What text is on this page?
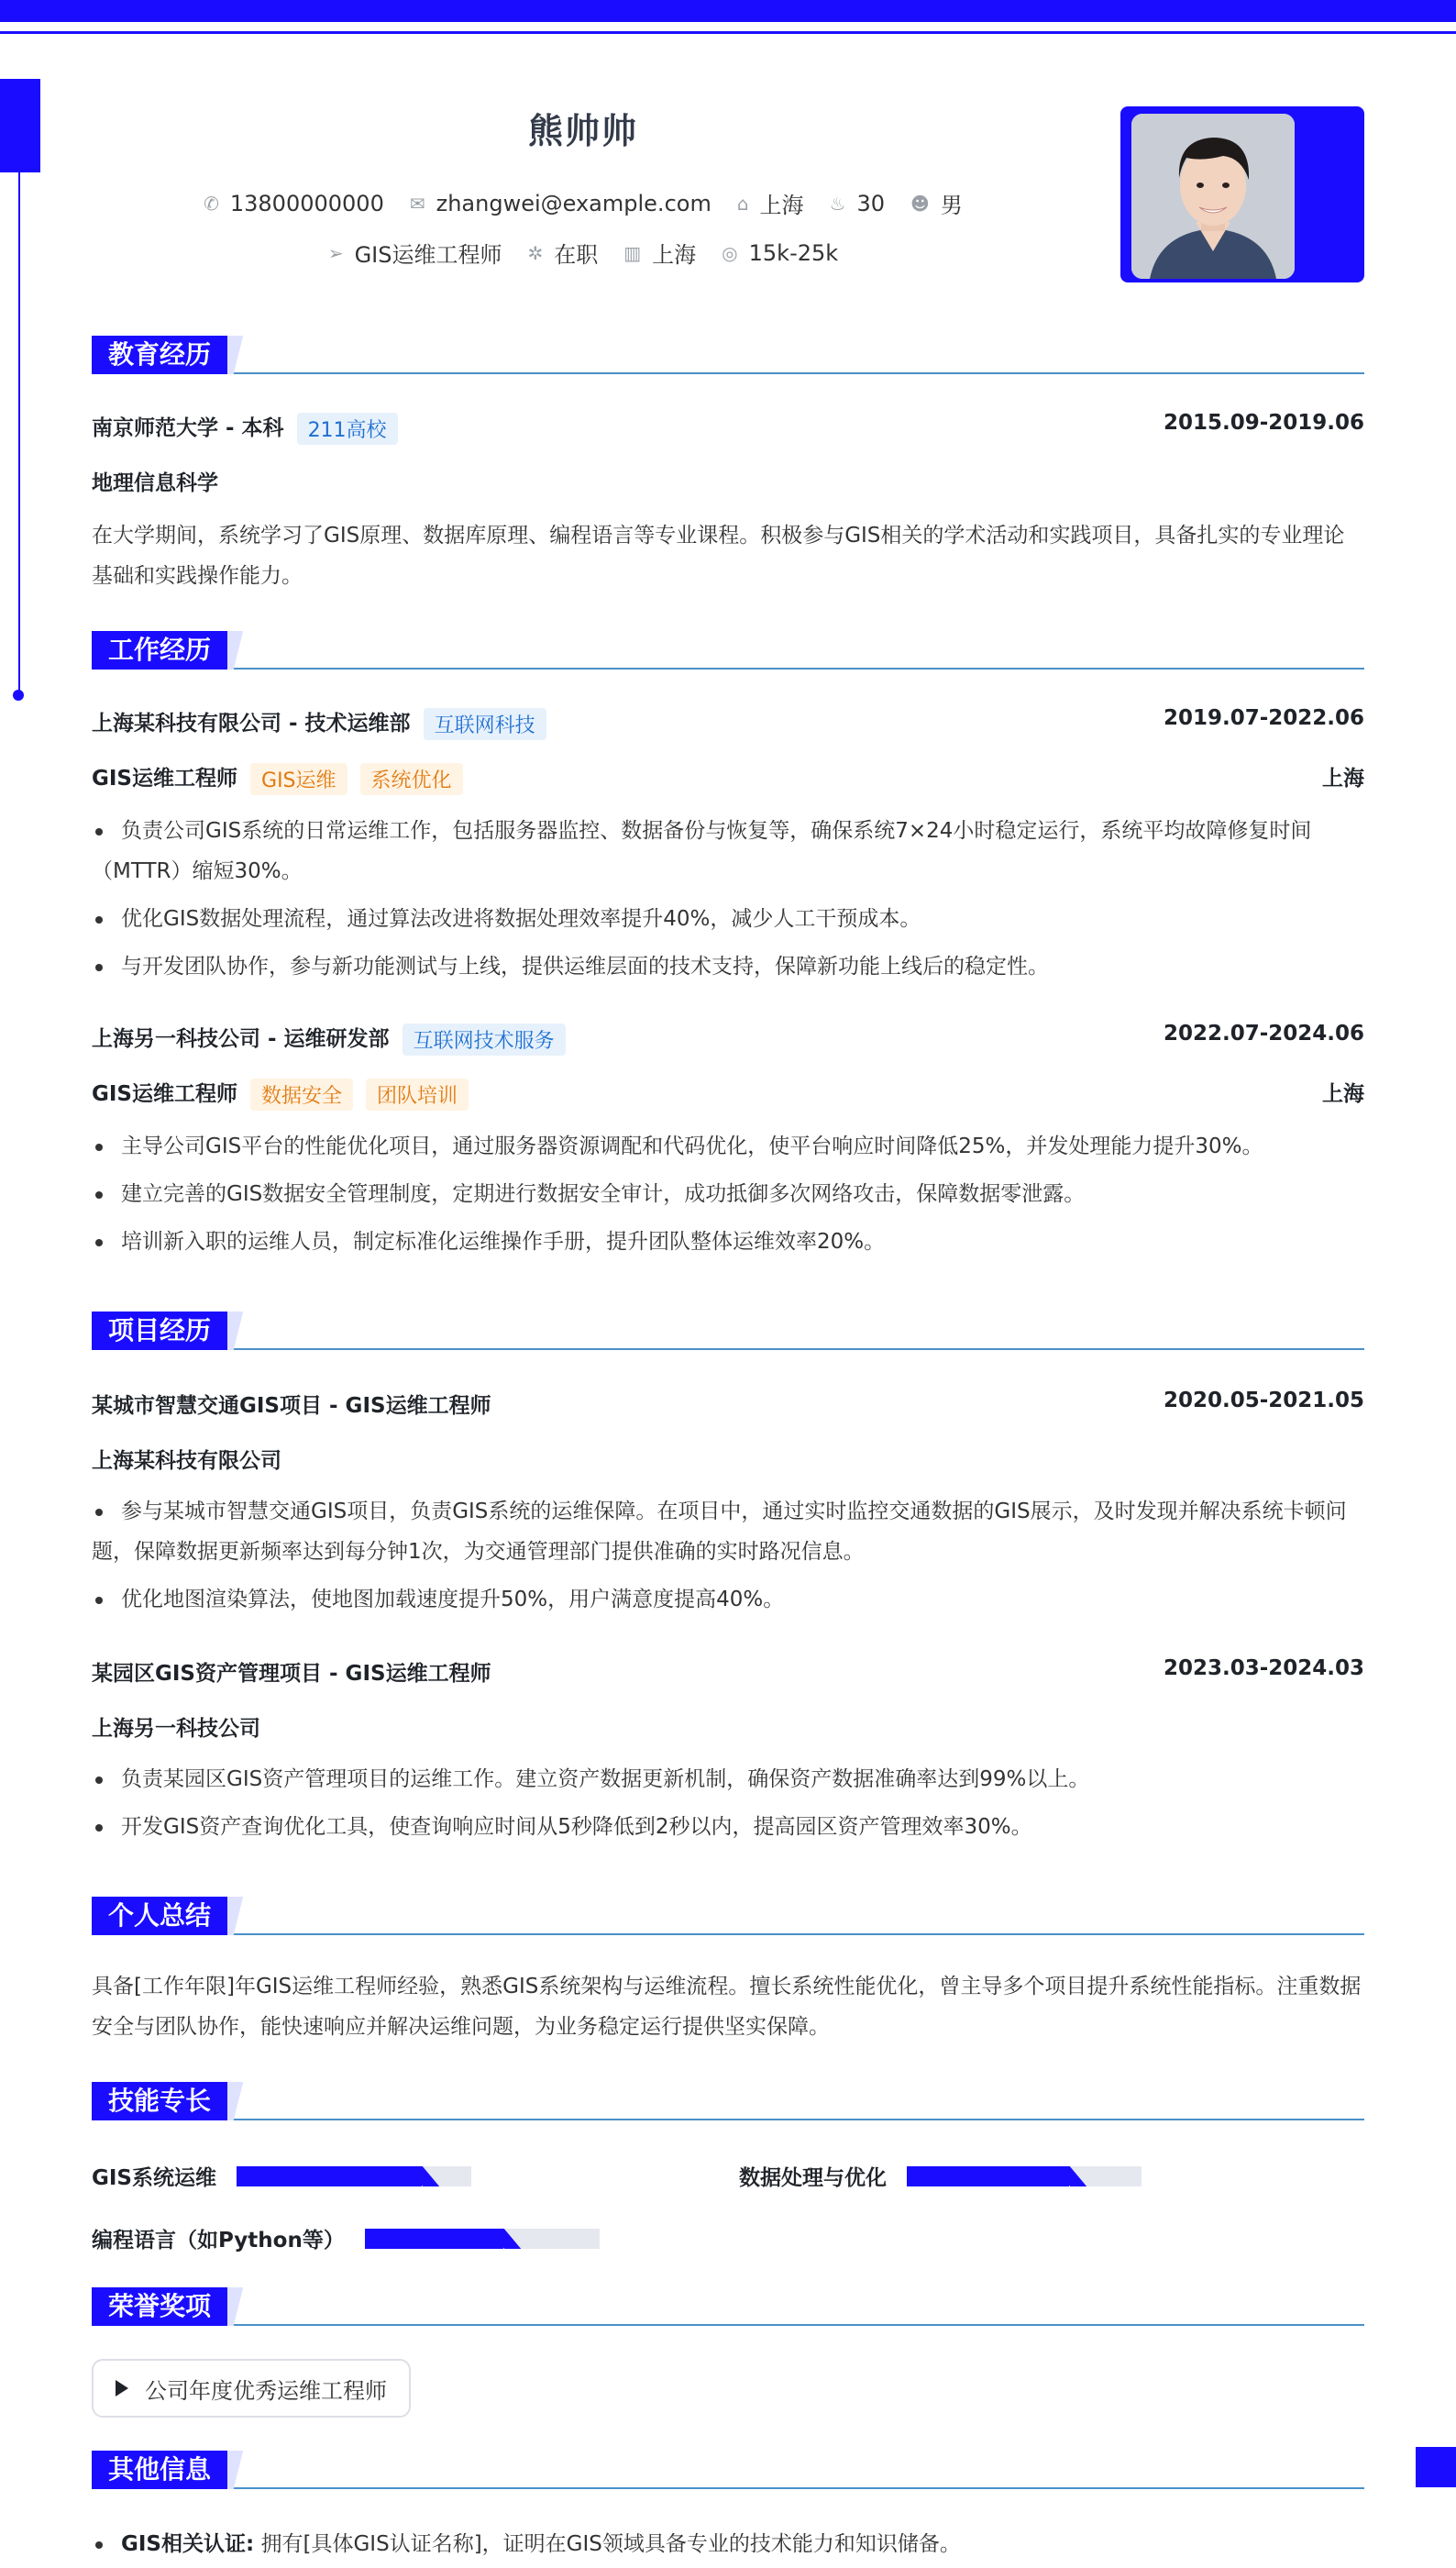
熊帅帅
✆ 13800000000 ✉ zhangwei@example.com ⌂ 上海 ♨ 30 ☻ 男
➢ GIS运维工程师 ✲ 在职 ▥ 上海 ◎ 15k-25k
教育经历
南京师范大学 - 本科 211高校	2015.09-2019.06
地理信息科学
在大学期间，系统学习了GIS原理、数据库原理、编程语言等专业课程。积极参与GIS相关的学术活动和实践项目，具备扎实的专业理论基础和实践操作能力。
工作经历
上海某科技有限公司 - 技术运维部 互联网科技	2019.07-2022.06
GIS运维工程师 GIS运维 系统优化	上海
负责公司GIS系统的日常运维工作，包括服务器监控、数据备份与恢复等，确保系统7×24小时稳定运行，系统平均故障修复时间（MTTR）缩短30%。
优化GIS数据处理流程，通过算法改进将数据处理效率提升40%，减少人工干预成本。
与开发团队协作，参与新功能测试与上线，提供运维层面的技术支持，保障新功能上线后的稳定性。
上海另一科技公司 - 运维研发部 互联网技术服务	2022.07-2024.06
GIS运维工程师 数据安全 团队培训	上海
主导公司GIS平台的性能优化项目，通过服务器资源调配和代码优化，使平台响应时间降低25%，并发处理能力提升30%。
建立完善的GIS数据安全管理制度，定期进行数据安全审计，成功抵御多次网络攻击，保障数据零泄露。
培训新入职的运维人员，制定标准化运维操作手册，提升团队整体运维效率20%。
项目经历
某城市智慧交通GIS项目 - GIS运维工程师	2020.05-2021.05
上海某科技有限公司
参与某城市智慧交通GIS项目，负责GIS系统的运维保障。在项目中，通过实时监控交通数据的GIS展示，及时发现并解决系统卡顿问题，保障数据更新频率达到每分钟1次，为交通管理部门提供准确的实时路况信息。
优化地图渲染算法，使地图加载速度提升50%，用户满意度提高40%。
某园区GIS资产管理项目 - GIS运维工程师	2023.03-2024.03
上海另一科技公司
负责某园区GIS资产管理项目的运维工作。建立资产数据更新机制，确保资产数据准确率达到99%以上。
开发GIS资产查询优化工具，使查询响应时间从5秒降低到2秒以内，提高园区资产管理效率30%。
个人总结
具备[工作年限]年GIS运维工程师经验，熟悉GIS系统架构与运维流程。擅长系统性能优化，曾主导多个项目提升系统性能指标。注重数据安全与团队协作，能快速响应并解决运维问题，为业务稳定运行提供坚实保障。
技能专长
GIS系统运维	数据处理与优化
编程语言（如Python等）
荣誉奖项
公司年度优秀运维工程师
其他信息
GIS相关认证: 拥有[具体GIS认证名称]，证明在GIS领域具备专业的技术能力和知识储备。
